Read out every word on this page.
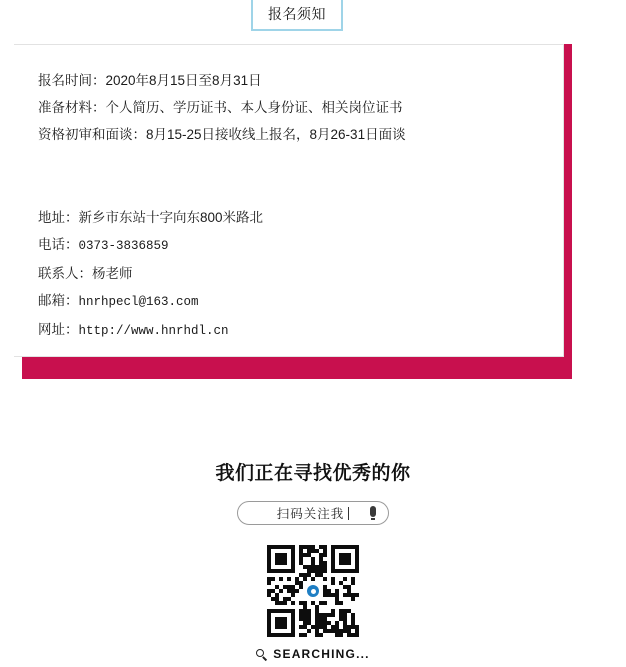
报名须知
报名时间：2020年8月15日至8月31日
准备材料：个人简历、学历证书、本人身份证、相关岗位证书
资格初审和面谈：8月15-25日接收线上报名，8月26-31日面谈
地址：新乡市东站十字向东800米路北
电话：0373-3836859
联系人：杨老师
邮箱：hnrhpecl@163.com
网址：http://www.hnrhdl.cn
我们正在寻找优秀的你
扫码关注我
SEARCHING...
